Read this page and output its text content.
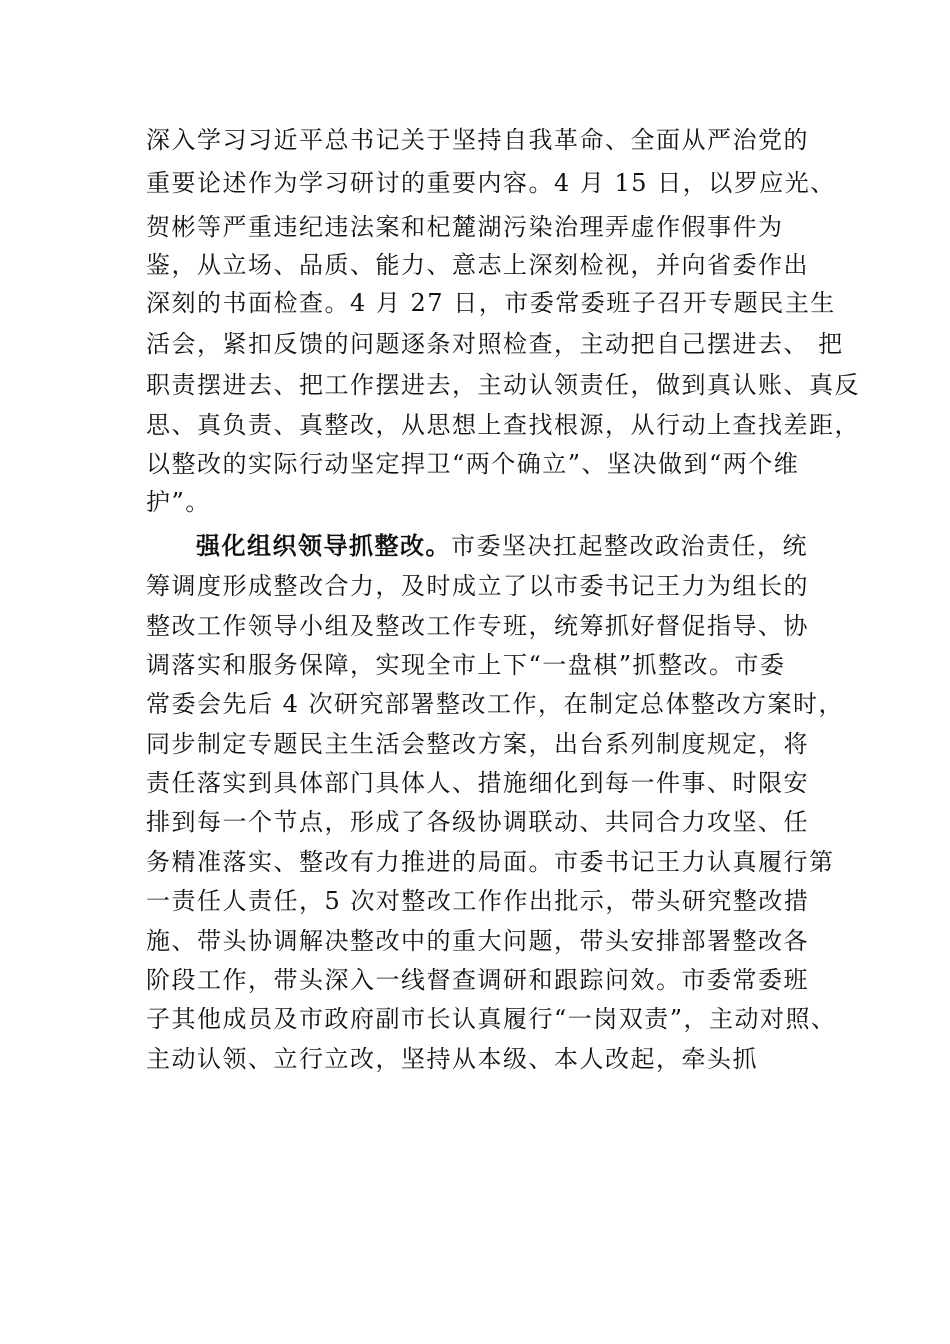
深入学习习近平总书记关于坚持自我革命、全面从严治党的
重要论述作为学习研讨的重要内容。4 月 15 日，以罗应光、
贺彬等严重违纪违法案和杞麓湖污染治理弄虚作假事件为
鉴，从立场、品质、能力、意志上深刻检视，并向省委作出
深刻的书面检查。4 月 27 日，市委常委班子召开专题民主生
活会，紧扣反馈的问题逐条对照检查，主动把自己摆进去、 把
职责摆进去、把工作摆进去，主动认领责任，做到真认账、真反
思、真负责、真整改，从思想上查找根源，从行动上查找差距，
以整改的实际行动坚定捍卫“两个确立”、坚决做到“两个维
护”。
强化组织领导抓整改。市委坚决扛起整改政治责任，统
筹调度形成整改合力，及时成立了以市委书记王力为组长的
整改工作领导小组及整改工作专班，统筹抓好督促指导、协
调落实和服务保障，实现全市上下“一盘棋”抓整改。市委
常委会先后 4 次研究部署整改工作，在制定总体整改方案时，
同步制定专题民主生活会整改方案，出台系列制度规定，将
责任落实到具体部门具体人、措施细化到每一件事、时限安
排到每一个节点，形成了各级协调联动、共同合力攻坚、任
务精准落实、整改有力推进的局面。市委书记王力认真履行第
一责任人责任，5 次对整改工作作出批示，带头研究整改措
施、带头协调解决整改中的重大问题，带头安排部署整改各
阶段工作，带头深入一线督查调研和跟踪问效。市委常委班
子其他成员及市政府副市长认真履行“一岗双责”，主动对照、
主动认领、立行立改，坚持从本级、本人改起，牵头抓
